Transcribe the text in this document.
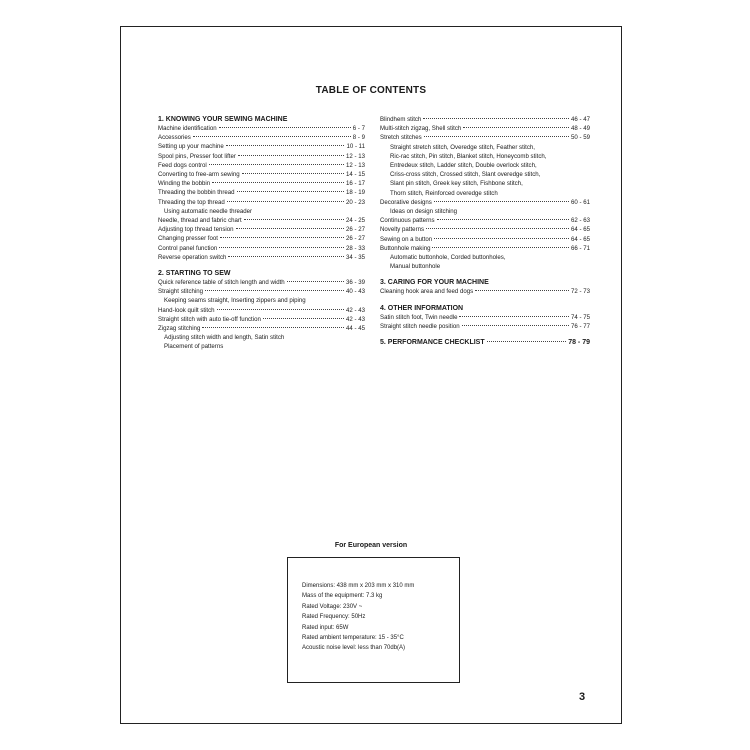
TABLE OF CONTENTS
1. KNOWING YOUR SEWING MACHINE
Machine identification	6 - 7
Accessories	8 - 9
Setting up your machine	10 - 11
Spool pins, Presser foot lifter	12 - 13
Feed dogs control	12 - 13
Converting to free-arm sewing	14 - 15
Winding the bobbin	16 - 17
Threading the bobbin thread	18 - 19
Threading the top thread	20 - 23
Using automatic needle threader
Needle, thread and fabric chart	24 - 25
Adjusting top thread tension	26 - 27
Changing presser foot	26 - 27
Control panel function	28 - 33
Reverse operation switch	34 - 35
2. STARTING TO SEW
Quick reference table of stitch length and width	36 - 39
Straight stitching	40 - 43
Keeping seams straight, Inserting zippers and piping
Hand-look quilt stitch	42 - 43
Straight stitch with auto tie-off function	42 - 43
Zigzag stitching	44 - 45
Adjusting stitch width and length, Satin stitch
Placement of patterns
Blindhem stitch	46 - 47
Multi-stitch zigzag, Shell stitch	48 - 49
Stretch stitches	50 - 59
Straight stretch stitch, Overedge stitch, Feather stitch,
Ric-rac stitch, Pin stitch, Blanket stitch, Honeycomb stitch,
Entredeux stitch, Ladder stitch, Double overlock stitch,
Criss-cross stitch, Crossed stitch, Slant overedge stitch,
Slant pin stitch, Greek key stitch, Fishbone stitch,
Thorn stitch, Reinforced overedge stitch
Decorative designs	60 - 61
Ideas on design stitching
Continuous patterns	62 - 63
Novelty patterns	64 - 65
Sewing on a button	64 - 65
Buttonhole making	66 - 71
Automatic buttonhole, Corded buttonholes,
Manual buttonhole
3. CARING FOR YOUR MACHINE
Cleaning hook area and feed dogs	72 - 73
4. OTHER INFORMATION
Satin stitch foot, Twin needle	74 - 75
Straight stitch needle position	76 - 77
5. PERFORMANCE CHECKLIST	78 - 79
For European version
Dimensions: 438 mm x 203 mm x 310 mm
Mass of the equipment: 7.3 kg
Rated Voltage: 230V ~
Rated Frequency: 50Hz
Rated input: 65W
Rated ambient temperature: 15 - 35°C
Acoustic noise level: less than 70db(A)
3
